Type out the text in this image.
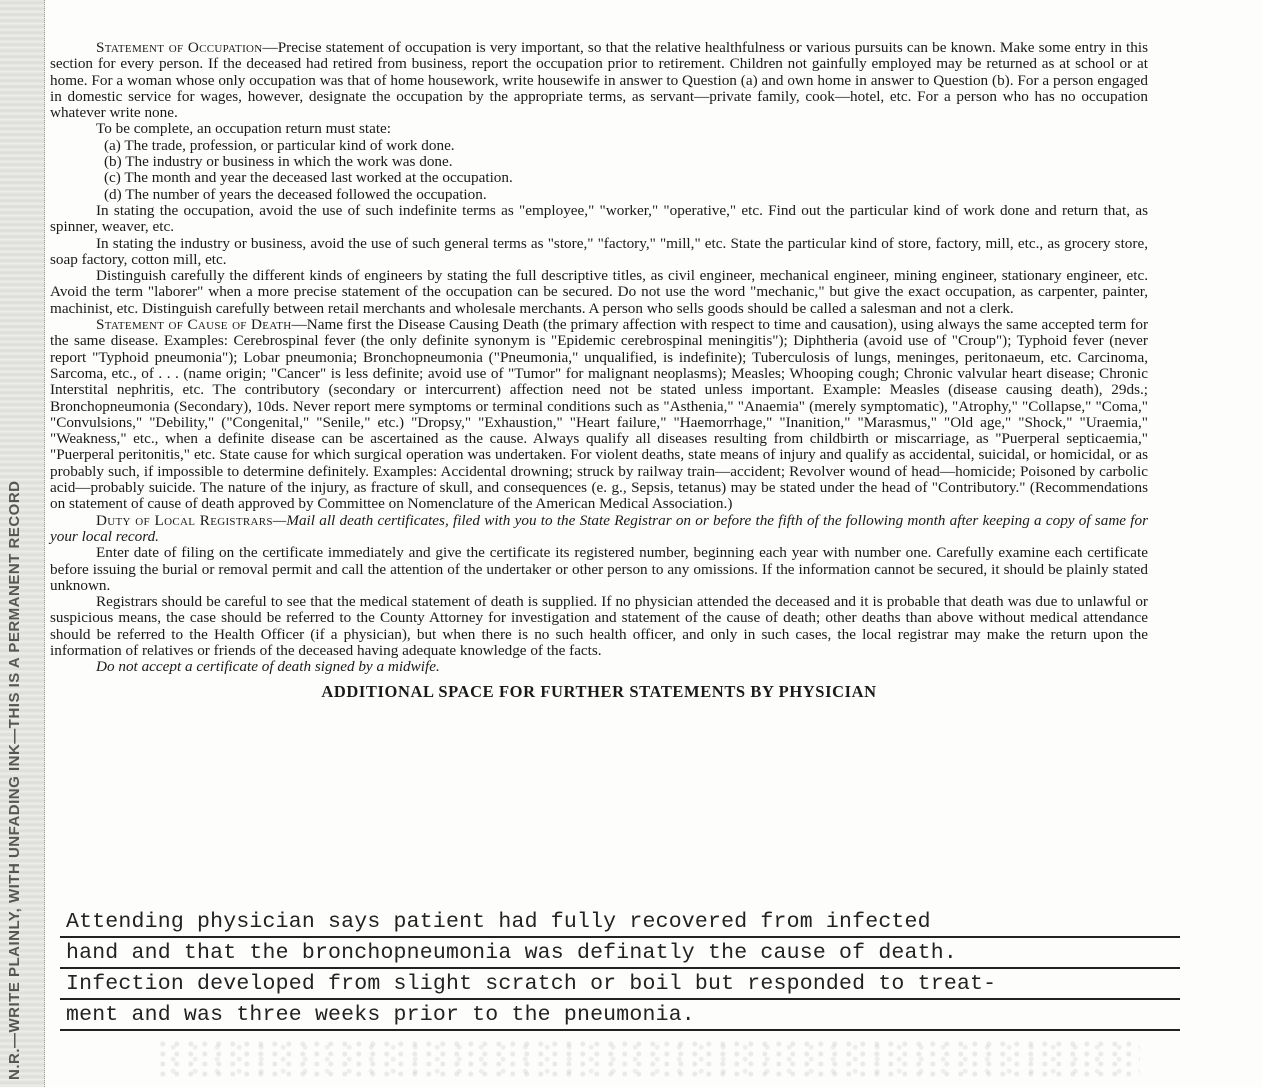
N.R.—WRITE PLAINLY, WITH UNFADING INK—THIS IS A PERMANENT RECORD

Statement of Occupation—Precise statement of occupation is very important, so that the relative healthfulness or various pursuits can be known. Make some entry in this section for every person. If the deceased had retired from business, report the occupation prior to retirement. Children not gainfully employed may be returned as at school or at home. For a woman whose only occupation was that of home housework, write housewife in answer to Question (a) and own home in answer to Question (b). For a person engaged in domestic service for wages, however, designate the occupation by the appropriate terms, as servant—private family, cook—hotel, etc. For a person who has no occupation whatever write none.

To be complete, an occupation return must state:

(a) The trade, profession, or particular kind of work done.
(b) The industry or business in which the work was done.
(c) The month and year the deceased last worked at the occupation.
(d) The number of years the deceased followed the occupation.

In stating the occupation, avoid the use of such indefinite terms as "employee," "worker," "operative," etc. Find out the particular kind of work done and return that, as spinner, weaver, etc.

In stating the industry or business, avoid the use of such general terms as "store," "factory," "mill," etc. State the particular kind of store, factory, mill, etc., as grocery store, soap factory, cotton mill, etc.

Distinguish carefully the different kinds of engineers by stating the full descriptive titles, as civil engineer, mechanical engineer, mining engineer, stationary engineer, etc. Avoid the term "laborer" when a more precise statement of the occupation can be secured. Do not use the word "mechanic," but give the exact occupation, as carpenter, painter, machinist, etc. Distinguish carefully between retail merchants and wholesale merchants. A person who sells goods should be called a salesman and not a clerk.

Statement of Cause of Death—Name first the Disease Causing Death (the primary affection with respect to time and causation), using always the same accepted term for the same disease. Examples: Cerebrospinal fever (the only definite synonym is "Epidemic cerebrospinal meningitis"); Diphtheria (avoid use of "Croup"); Typhoid fever (never report "Typhoid pneumonia"); Lobar pneumonia; Bronchopneumonia ("Pneumonia," unqualified, is indefinite); Tuberculosis of lungs, meninges, peritonaeum, etc. Carcinoma, Sarcoma, etc., of . . . (name origin; "Cancer" is less definite; avoid use of "Tumor" for malignant neoplasms); Measles; Whooping cough; Chronic valvular heart disease; Chronic Interstital nephritis, etc. The contributory (secondary or intercurrent) affection need not be stated unless important. Example: Measles (disease causing death), 29ds.; Bronchopneumonia (Secondary), 10ds. Never report mere symptoms or terminal conditions such as "Asthenia," "Anaemia" (merely symptomatic), "Atrophy," "Collapse," "Coma," "Convulsions," "Debility," ("Congenital," "Senile," etc.) "Dropsy," "Exhaustion," "Heart failure," "Haemorrhage," "Inanition," "Marasmus," "Old age," "Shock," "Uraemia," "Weakness," etc., when a definite disease can be ascertained as the cause. Always qualify all diseases resulting from childbirth or miscarriage, as "Puerperal septicaemia," "Puerperal peritonitis," etc. State cause for which surgical operation was undertaken. For violent deaths, state means of injury and qualify as accidental, suicidal, or homicidal, or as probably such, if impossible to determine definitely. Examples: Accidental drowning; struck by railway train—accident; Revolver wound of head—homicide; Poisoned by carbolic acid—probably suicide. The nature of the injury, as fracture of skull, and consequences (e. g., Sepsis, tetanus) may be stated under the head of "Contributory." (Recommendations on statement of cause of death approved by Committee on Nomenclature of the American Medical Association.)

Duty of Local Registrars—Mail all death certificates, filed with you to the State Registrar on or before the fifth of the following month after keeping a copy of same for your local record.

Enter date of filing on the certificate immediately and give the certificate its registered number, beginning each year with number one. Carefully examine each certificate before issuing the burial or removal permit and call the attention of the undertaker or other person to any omissions. If the information cannot be secured, it should be plainly stated unknown.

Registrars should be careful to see that the medical statement of death is supplied. If no physician attended the deceased and it is probable that death was due to unlawful or suspicious means, the case should be referred to the County Attorney for investigation and statement of the cause of death; other deaths than above without medical attendance should be referred to the Health Officer (if a physician), but when there is no such health officer, and only in such cases, the local registrar may make the return upon the information of relatives or friends of the deceased having adequate knowledge of the facts.

Do not accept a certificate of death signed by a midwife.

ADDITIONAL SPACE FOR FURTHER STATEMENTS BY PHYSICIAN
Attending physician says patient had fully recovered from infected
hand and that the bronchopneumonia was definatly the cause of death.
Infection developed from slight scratch or boil but responded to treat-
ment and was three weeks prior to the pneumonia.
